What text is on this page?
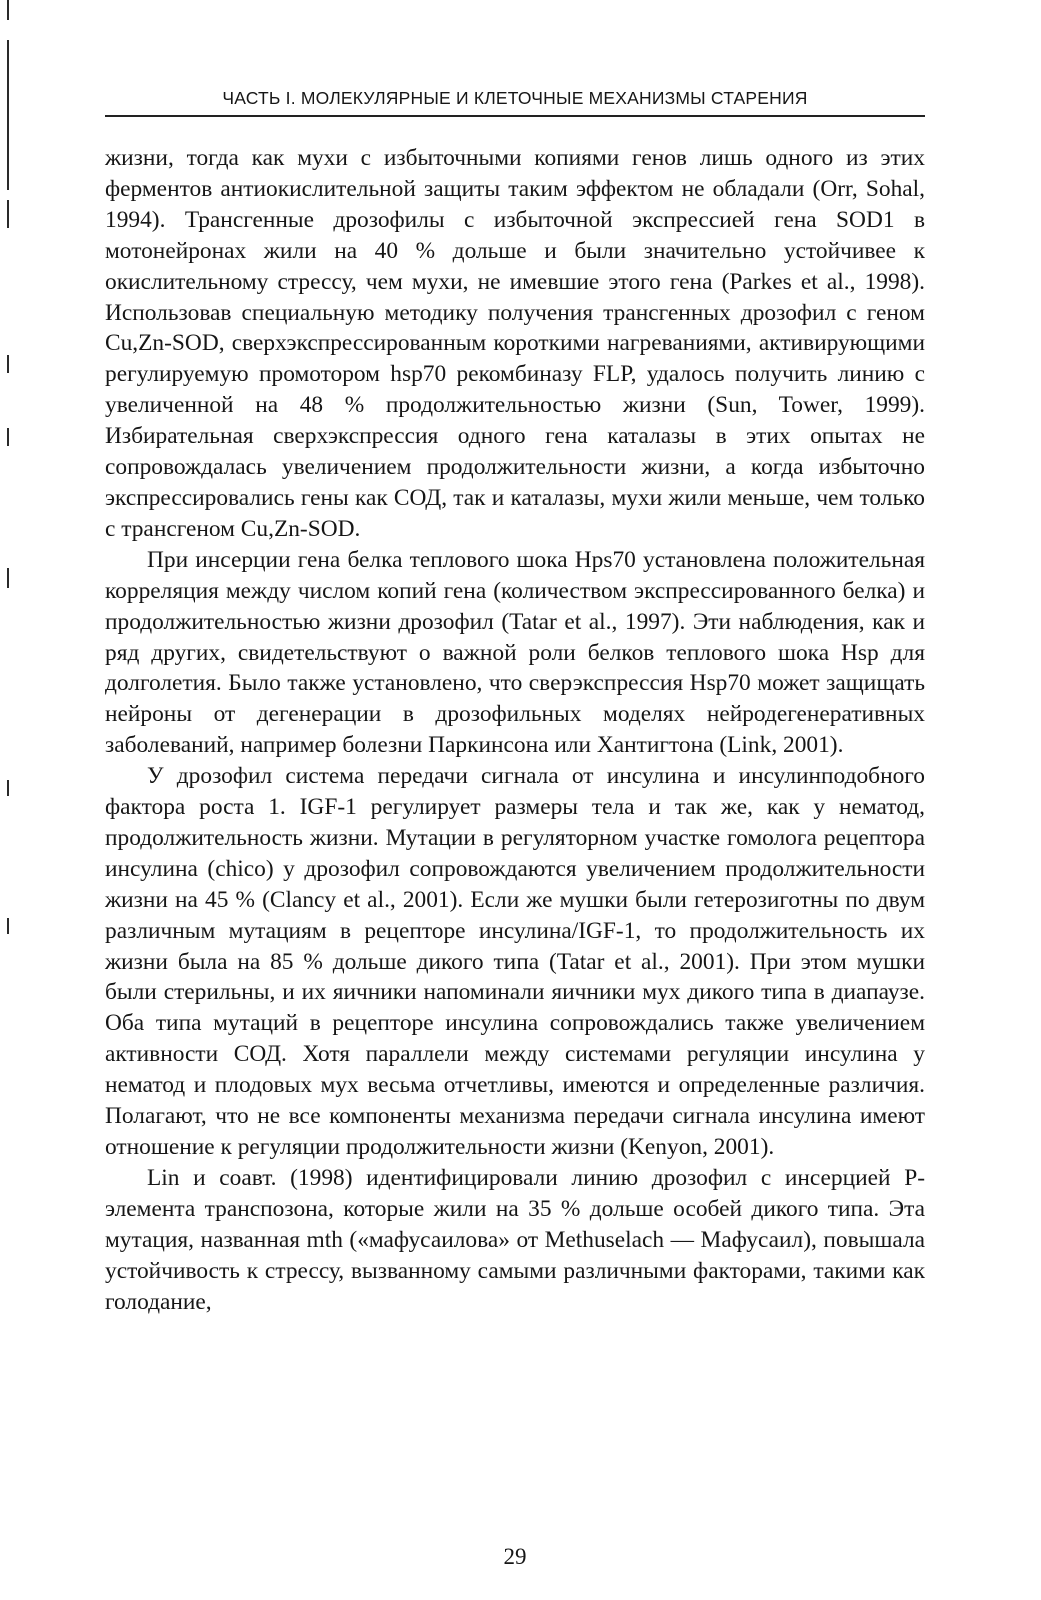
ЧАСТЬ I. МОЛЕКУЛЯРНЫЕ И КЛЕТОЧНЫЕ МЕХАНИЗМЫ СТАРЕНИЯ

жизни, тогда как мухи с избыточными копиями генов лишь одного из этих ферментов антиокислительной защиты таким эффектом не обладали (Orr, Sohal, 1994). Трансгенные дрозофилы с избыточной экспрессией гена SOD1 в мотонейронах жили на 40 % дольше и были значительно устойчивее к окислительному стрессу, чем мухи, не имевшие этого гена (Parkes et al., 1998). Использовав специальную методику получения трансгенных дрозофил с геном Cu,Zn-SOD, сверхэкспрессированным короткими нагреваниями, активирующими регулируемую промотором hsp70 рекомбиназу FLP, удалось получить линию с увеличенной на 48 % продолжительностью жизни (Sun, Tower, 1999). Избирательная сверхэкспрессия одного гена каталазы в этих опытах не сопровождалась увеличением продолжительности жизни, а когда избыточно экспрессировались гены как СОД, так и каталазы, мухи жили меньше, чем только с трансгеном Cu,Zn-SOD.

При инсерции гена белка теплового шока Hps70 установлена положительная корреляция между числом копий гена (количеством экспрессированного белка) и продолжительностью жизни дрозофил (Tatar et al., 1997). Эти наблюдения, как и ряд других, свидетельствуют о важной роли белков теплового шока Hsp для долголетия. Было также установлено, что сверэкспрессия Hsp70 может защищать нейроны от дегенерации в дрозофильных моделях нейродегенеративных заболеваний, например болезни Паркинсона или Хантигтона (Link, 2001).

У дрозофил система передачи сигнала от инсулина и инсулинподобного фактора роста 1. IGF-1 регулирует размеры тела и так же, как у нематод, продолжительность жизни. Мутации в регуляторном участке гомолога рецептора инсулина (chico) у дрозофил сопровождаются увеличением продолжительности жизни на 45 % (Clancy et al., 2001). Если же мушки были гетерозиготны по двум различным мутациям в рецепторе инсулина/IGF-1, то продолжительность их жизни была на 85 % дольше дикого типа (Tatar et al., 2001). При этом мушки были стерильны, и их яичники напоминали яичники мух дикого типа в диапаузе. Оба типа мутаций в рецепторе инсулина сопровождались также увеличением активности СОД. Хотя параллели между системами регуляции инсулина у нематод и плодовых мух весьма отчетливы, имеются и определенные различия. Полагают, что не все компоненты механизма передачи сигнала инсулина имеют отношение к регуляции продолжительности жизни (Kenyon, 2001).

Lin и соавт. (1998) идентифицировали линию дрозофил с инсерцией P-элемента транспозона, которые жили на 35 % дольше особей дикого типа. Эта мутация, названная mth («мафусаилова» от Methuselach — Мафусаил), повышала устойчивость к стрессу, вызванному самыми различными факторами, такими как голодание,

29
